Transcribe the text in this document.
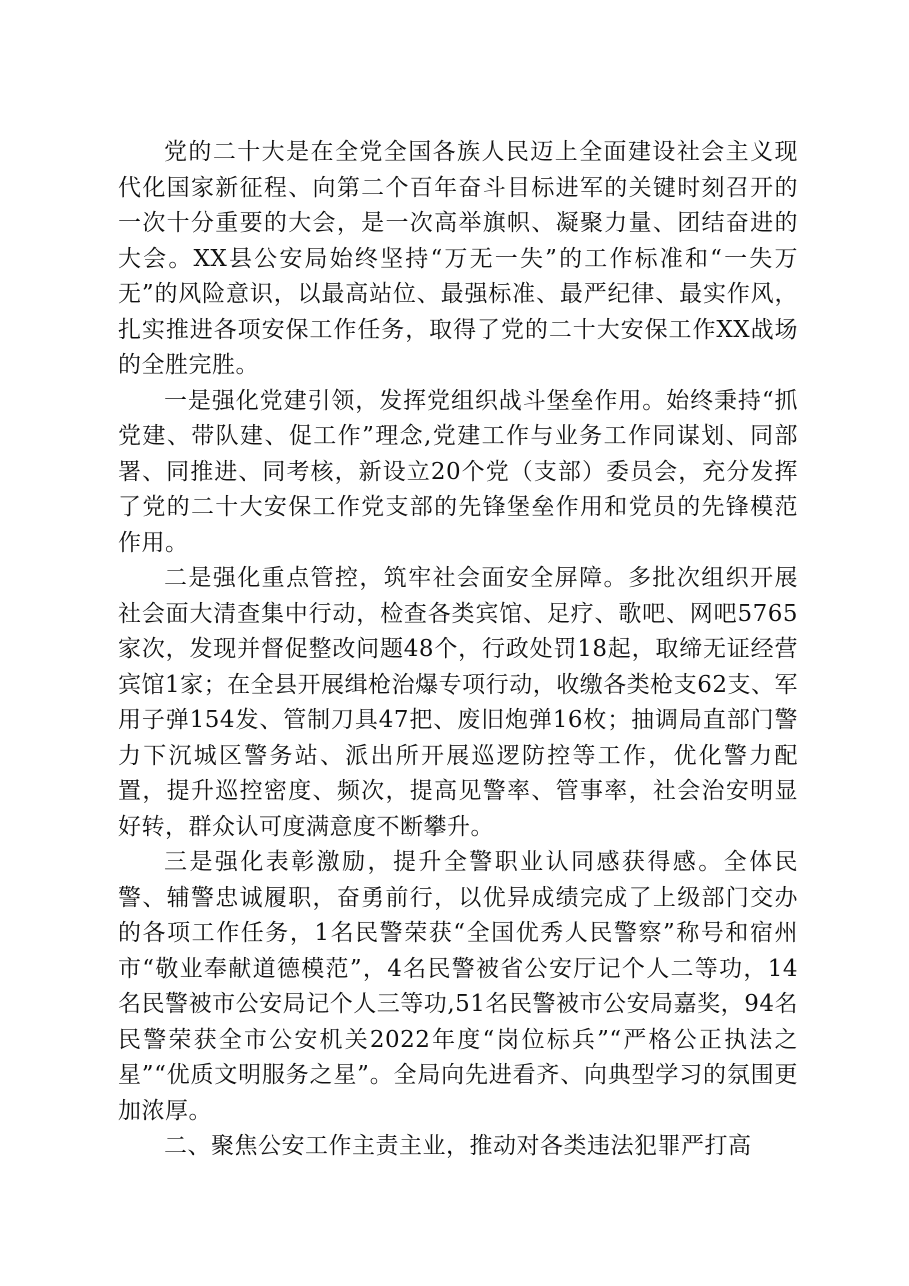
党的二十大是在全党全国各族人民迈上全面建设社会主义现代化国家新征程、向第二个百年奋斗目标进军的关键时刻召开的一次十分重要的大会，是一次高举旗帜、凝聚力量、团结奋进的大会。XX县公安局始终坚持“万无一失”的工作标准和“一失万无”的风险意识，以最高站位、最强标准、最严纪律、最实作风，扎实推进各项安保工作任务，取得了党的二十大安保工作XX战场的全胜完胜。

一是强化党建引领，发挥党组织战斗堡垒作用。始终秉持“抓党建、带队建、促工作”理念,党建工作与业务工作同谋划、同部署、同推进、同考核，新设立20个党（支部）委员会，充分发挥了党的二十大安保工作党支部的先锋堡垒作用和党员的先锋模范作用。

二是强化重点管控，筑牢社会面安全屏障。多批次组织开展社会面大清查集中行动，检查各类宾馆、足疗、歌吧、网吧5765家次，发现并督促整改问题48个，行政处罚18起，取缔无证经营宾馆1家；在全县开展缉枪治爆专项行动，收缴各类枪支62支、军用子弹154发、管制刀具47把、废旧炮弹16枚；抽调局直部门警力下沉城区警务站、派出所开展巡逻防控等工作，优化警力配置，提升巡控密度、频次，提高见警率、管事率，社会治安明显好转，群众认可度满意度不断攀升。

三是强化表彰激励，提升全警职业认同感获得感。全体民警、辅警忠诚履职，奋勇前行，以优异成绩完成了上级部门交办的各项工作任务，1名民警荣获“全国优秀人民警察”称号和宿州市“敬业奉献道德模范”，4名民警被省公安厅记个人二等功，14名民警被市公安局记个人三等功,51名民警被市公安局嘉奖，94名民警荣获全市公安机关2022年度“岗位标兵”“严格公正执法之星”“优质文明服务之星”。全局向先进看齐、向典型学习的氛围更加浓厚。

二、聚焦公安工作主责主业，推动对各类违法犯罪严打高
